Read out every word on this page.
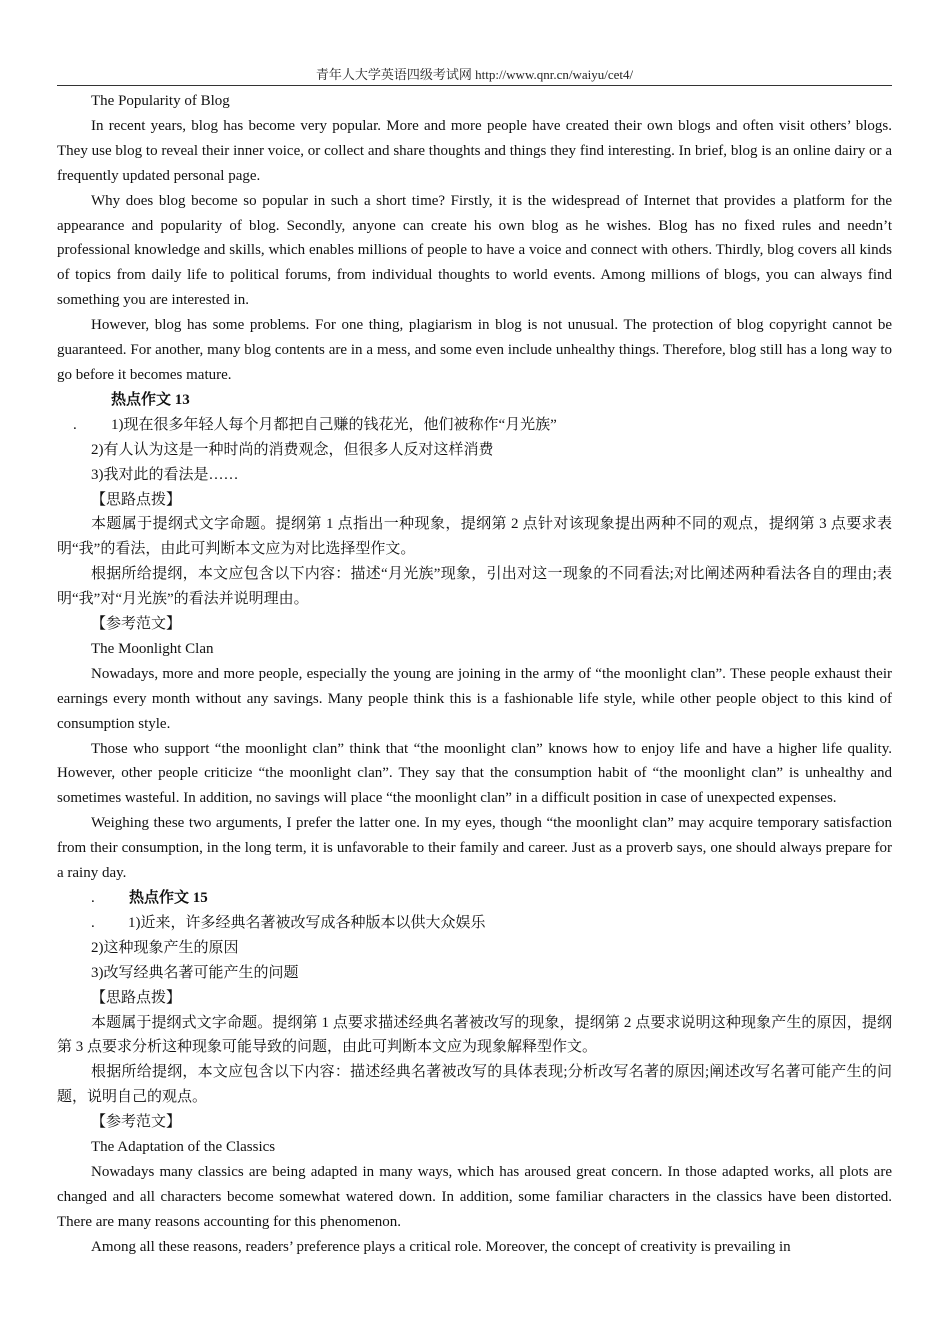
青年人大学英语四级考试网 http://www.qnr.cn/waiyu/cet4/

The Popularity of Blog

In recent years, blog has become very popular. More and more people have created their own blogs and often visit others’ blogs. They use blog to reveal their inner voice, or collect and share thoughts and things they find interesting. In brief, blog is an online dairy or a frequently updated personal page.

Why does blog become so popular in such a short time? Firstly, it is the widespread of Internet that provides a platform for the appearance and popularity of blog. Secondly, anyone can create his own blog as he wishes. Blog has no fixed rules and needn’t professional knowledge and skills, which enables millions of people to have a voice and connect with others. Thirdly, blog covers all kinds of topics from daily life to political forums, from individual thoughts to world events. Among millions of blogs, you can always find something you are interested in.

However, blog has some problems. For one thing, plagiarism in blog is not unusual. The protection of blog copyright cannot be guaranteed. For another, many blog contents are in a mess, and some even include unhealthy things. Therefore, blog still has a long way to go before it becomes mature.

热点作文 13

. 1)现在很多年轻人每个月都把自己赚的钱花光，他们被称作“月光族”

2)有人认为这是一种时尚的消费观念，但很多人反对这样消费

3)我对此的看法是……

【思路点拨】

本题属于提纲式文字命题。提纲第 1 点指出一种现象，提纲第 2 点针对该现象提出两种不同的观点，提纲第 3 点要求表明“我”的看法，由此可判断本文应为对比选择型作文。

根据所给提纲，本文应包含以下内容：描述“月光族”现象，引出对这一现象的不同看法;对比阐述两种看法各自的理由;表明“我”对“月光族”的看法并说明理由。

【参考范文】

The Moonlight Clan

Nowadays, more and more people, especially the young are joining in the army of “the moonlight clan”. These people exhaust their earnings every month without any savings. Many people think this is a fashionable life style, while other people object to this kind of consumption style.

Those who support “the moonlight clan” think that “the moonlight clan” knows how to enjoy life and have a higher life quality. However, other people criticize “the moonlight clan”. They say that the consumption habit of “the moonlight clan” is unhealthy and sometimes wasteful. In addition, no savings will place “the moonlight clan” in a difficult position in case of unexpected expenses.

Weighing these two arguments, I prefer the latter one. In my eyes, though “the moonlight clan” may acquire temporary satisfaction from their consumption, in the long term, it is unfavorable to their family and career. Just as a proverb says, one should always prepare for a rainy day.

. 热点作文 15

. 1)近来，许多经典名著被改写成各种版本以供大众娱乐

2)这种现象产生的原因

3)改写经典名著可能产生的问题

【思路点拨】

本题属于提纲式文字命题。提纲第 1 点要求描述经典名著被改写的现象，提纲第 2 点要求说明这种现象产生的原因，提纲第 3 点要求分析这种现象可能导致的问题，由此可判断本文应为现象解释型作文。

根据所给提纲，本文应包含以下内容：描述经典名著被改写的具体表现;分析改写名著的原因;阐述改写名著可能产生的问题，说明自己的观点。

【参考范文】

The Adaptation of the Classics

Nowadays many classics are being adapted in many ways, which has aroused great concern. In those adapted works, all plots are changed and all characters become somewhat watered down. In addition, some familiar characters in the classics have been distorted. There are many reasons accounting for this phenomenon.

Among all these reasons, readers’ preference plays a critical role. Moreover, the concept of creativity is prevailing in
